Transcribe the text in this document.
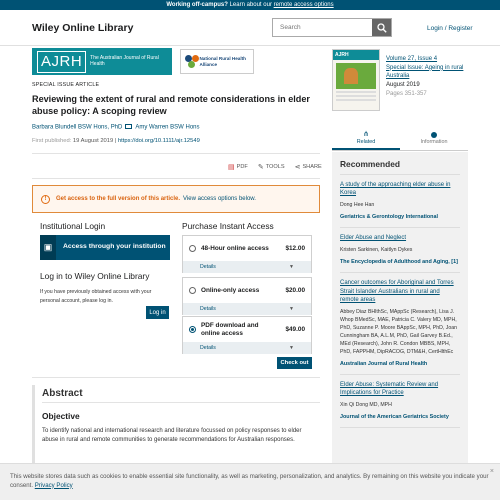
Working off-campus? Learn about our remote access options
Wiley Online Library
Search	Login / Register
AJRH	The Australian Journal of Rural Health
National Rural Health Alliance
SPECIAL ISSUE ARTICLE
Reviewing the extent of rural and remote considerations in elder abuse policy: A scoping review
Barbara Blundell BSW Hons, PhD Amy Warren BSW Hons
First published: 19 August 2019 | https://doi.org/10.1111/ajr.12549
▤ PDF ✎ TOOLS ⋖ SHARE
!	Get access to the full version of this article. View access options below.
Institutional Login
▣	Access through your institution
Log in to Wiley Online Library

If you have previously obtained access with your personal account, please log in.

Log in
Purchase Instant Access
48-Hour online access	$12.00
Details	▼
Online-only access	$20.00
Details	▼
PDF download and online access	$49.00
Details	▼
Check out
Abstract
Objective

To identify national and international research and literature focussed on policy responses to elder abuse in rural and remote communities to generate recommendations for Australian responses.

AJRH
Volume 27, Issue 4
Special Issue: Ageing in rural Australia
August 2019
Pages 351-357
⋔
Related	Information
Recommended
A study of the approaching elder abuse in Korea
Dong Hee Han
Geriatrics & Gerontology International
Elder Abuse and Neglect
Kristen Sarkinen, Kaitlyn Dykes
The Encyclopedia of Adulthood and Aging, [1]
Cancer outcomes for Aboriginal and Torres Strait Islander Australians in rural and remote areas
Abbey Diaz BHlthSc, MAppSc (Research), Lisa J. Whop BMedSc, MAE, Patricia C. Valery MD, MPH, PhD, Suzanne P. Moore BAppSc, MPH, PhD, Joan Cunningham BA, A.L.M, PhD, Gail Garvey B.Ed., MEd (Research), John R. Condon MBBS, MPH, PhD, FAPPHM, DipRACOG, DTM&H, CertHlthEc
Australian Journal of Rural Health
Elder Abuse: Systematic Review and Implications for Practice
Xin Qi Dong MD, MPH
Journal of the American Geriatrics Society
This website stores data such as cookies to enable essential site functionality, as well as marketing, personalization, and analytics. By remaining on this website you indicate your consent. Privacy Policy
×
